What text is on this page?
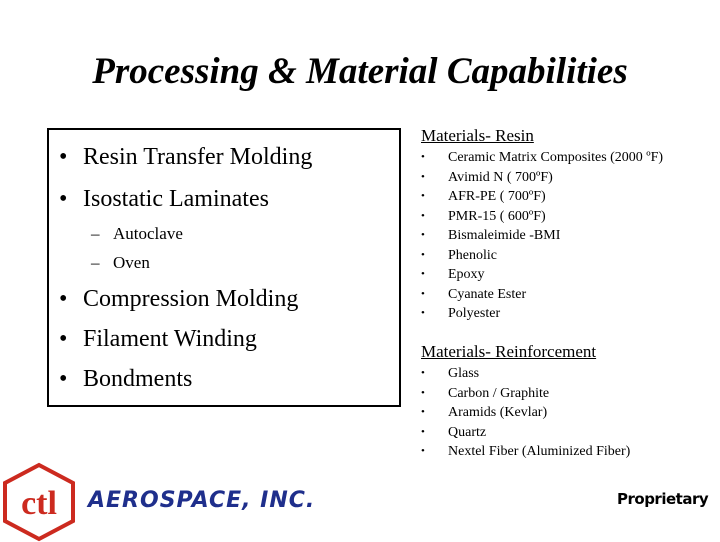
Processing & Material Capabilities
• Resin Transfer Molding
• Isostatic Laminates
– Autoclave
– Oven
• Compression Molding
• Filament Winding
• Bondments
Materials- Resin
• Ceramic Matrix Composites (2000 ºF)
• Avimid N ( 700ºF)
• AFR-PE ( 700ºF)
• PMR-15 ( 600ºF)
• Bismaleimide -BMI
• Phenolic
• Epoxy
• Cyanate Ester
• Polyester
Materials- Reinforcement
• Glass
• Carbon / Graphite
• Aramids (Kevlar)
• Quartz
• Nextel Fiber (Aluminized Fiber)
ctl AEROSPACE, INC.	Proprietary
